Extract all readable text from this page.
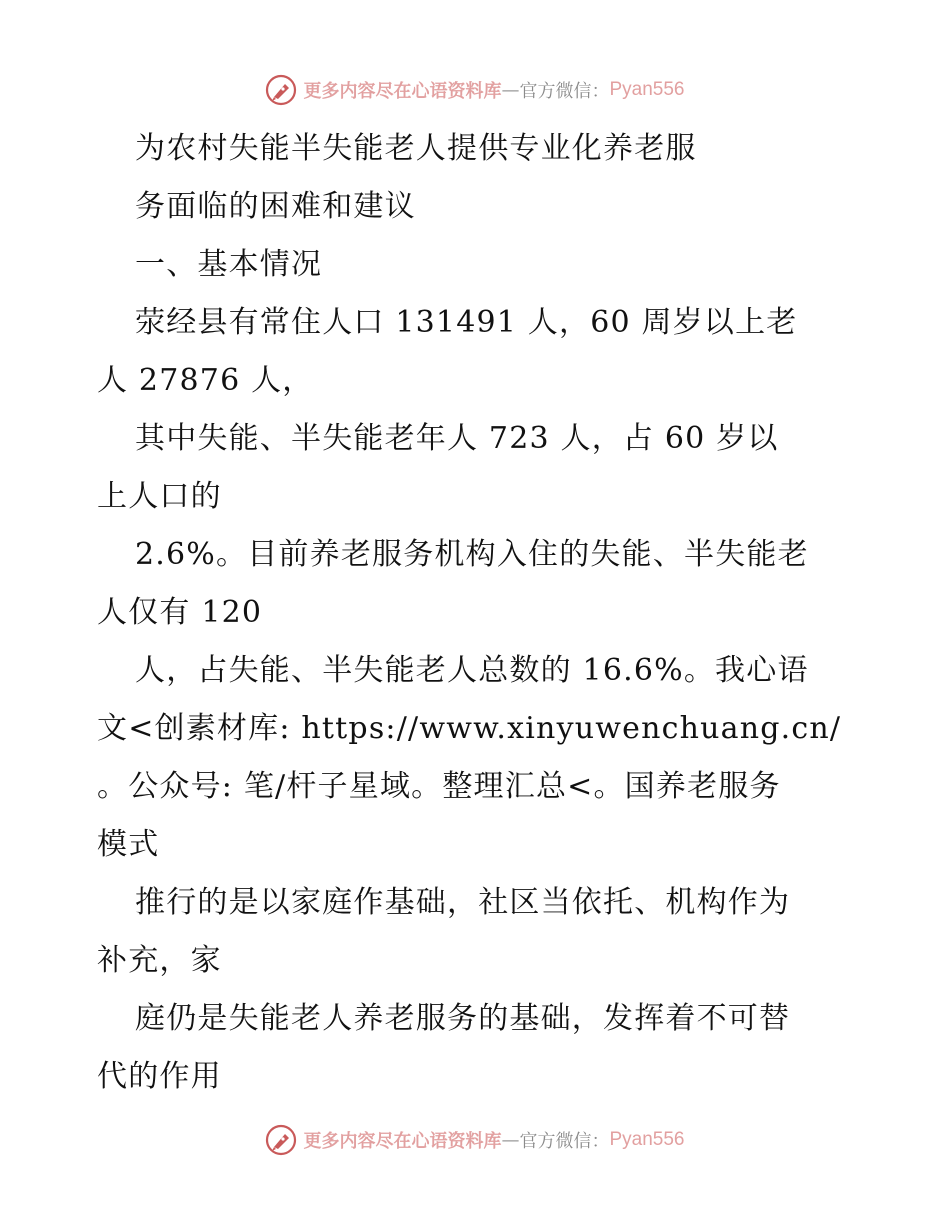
更多内容尽在心语资料库 — 官方微信： Pyan556
为农村失能半失能老人提供专业化养老服
务面临的困难和建议
一、基本情况
荥经县有常住人口 131491 人，60 周岁以上老
人 27876 人，
其中失能、半失能老年人 723 人，占 60 岁以
上人口的
2.6%。目前养老服务机构入住的失能、半失能老
人仅有 120
人，占失能、半失能老人总数的 16.6%。我心语
文<创素材库: https://www.xinyuwenchuang.cn/
。公众号: 笔/杆子星域。整理汇总<。国养老服务
模式
推行的是以家庭作基础，社区当依托、机构作为
补充，家
庭仍是失能老人养老服务的基础，发挥着不可替
代的作用
更多内容尽在心语资料库 — 官方微信： Pyan556
